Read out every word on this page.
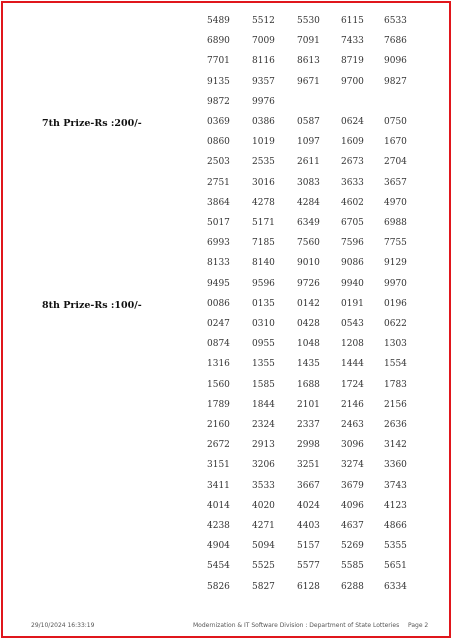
5489 5512 5530 6115 6533
6890 7009 7091 7433 7686
7701 8116 8613 8719 9096
9135 9357 9671 9700 9827
9872 9976
7th Prize-Rs :200/-	0369 0386 0587 0624 0750
0860 1019 1097 1609 1670
2503 2535 2611 2673 2704
2751 3016 3083 3633 3657
3864 4278 4284 4602 4970
5017 5171 6349 6705 6988
6993 7185 7560 7596 7755
8133 8140 9010 9086 9129
9495 9596 9726 9940 9970
8th Prize-Rs :100/-	0086 0135 0142 0191 0196
0247 0310 0428 0543 0622
0874 0955 1048 1208 1303
1316 1355 1435 1444 1554
1560 1585 1688 1724 1783
1789 1844 2101 2146 2156
2160 2324 2337 2463 2636
2672 2913 2998 3096 3142
3151 3206 3251 3274 3360
3411 3533 3667 3679 3743
4014 4020 4024 4096 4123
4238 4271 4403 4637 4866
4904 5094 5157 5269 5355
5454 5525 5577 5585 5651
5826 5827 6128 6288 6334
29/10/2024 16:33:19	Modernization & IT Software Division : Department of State Lotteries Page 2
